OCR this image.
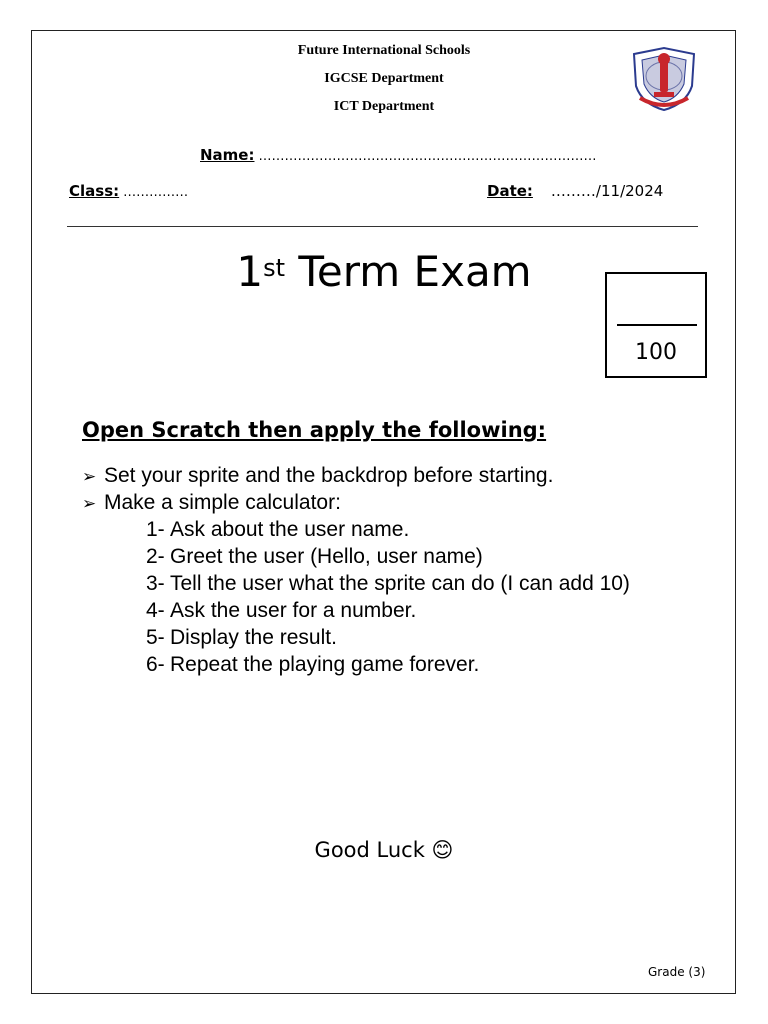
Future International Schools
IGCSE Department
ICT Department
Name: ……………………………………………………………………
Class: ……………	Date: ………/11/2024
1st Term Exam
100
Open Scratch then apply the following:
➢ Set your sprite and the backdrop before starting.
➢ Make a simple calculator:
1- Ask about the user name.
2- Greet the user (Hello, user name)
3- Tell the user what the sprite can do (I can add 10)
4- Ask the user for a number.
5- Display the result.
6- Repeat the playing game forever.
Good Luck 😊
Grade (3)
